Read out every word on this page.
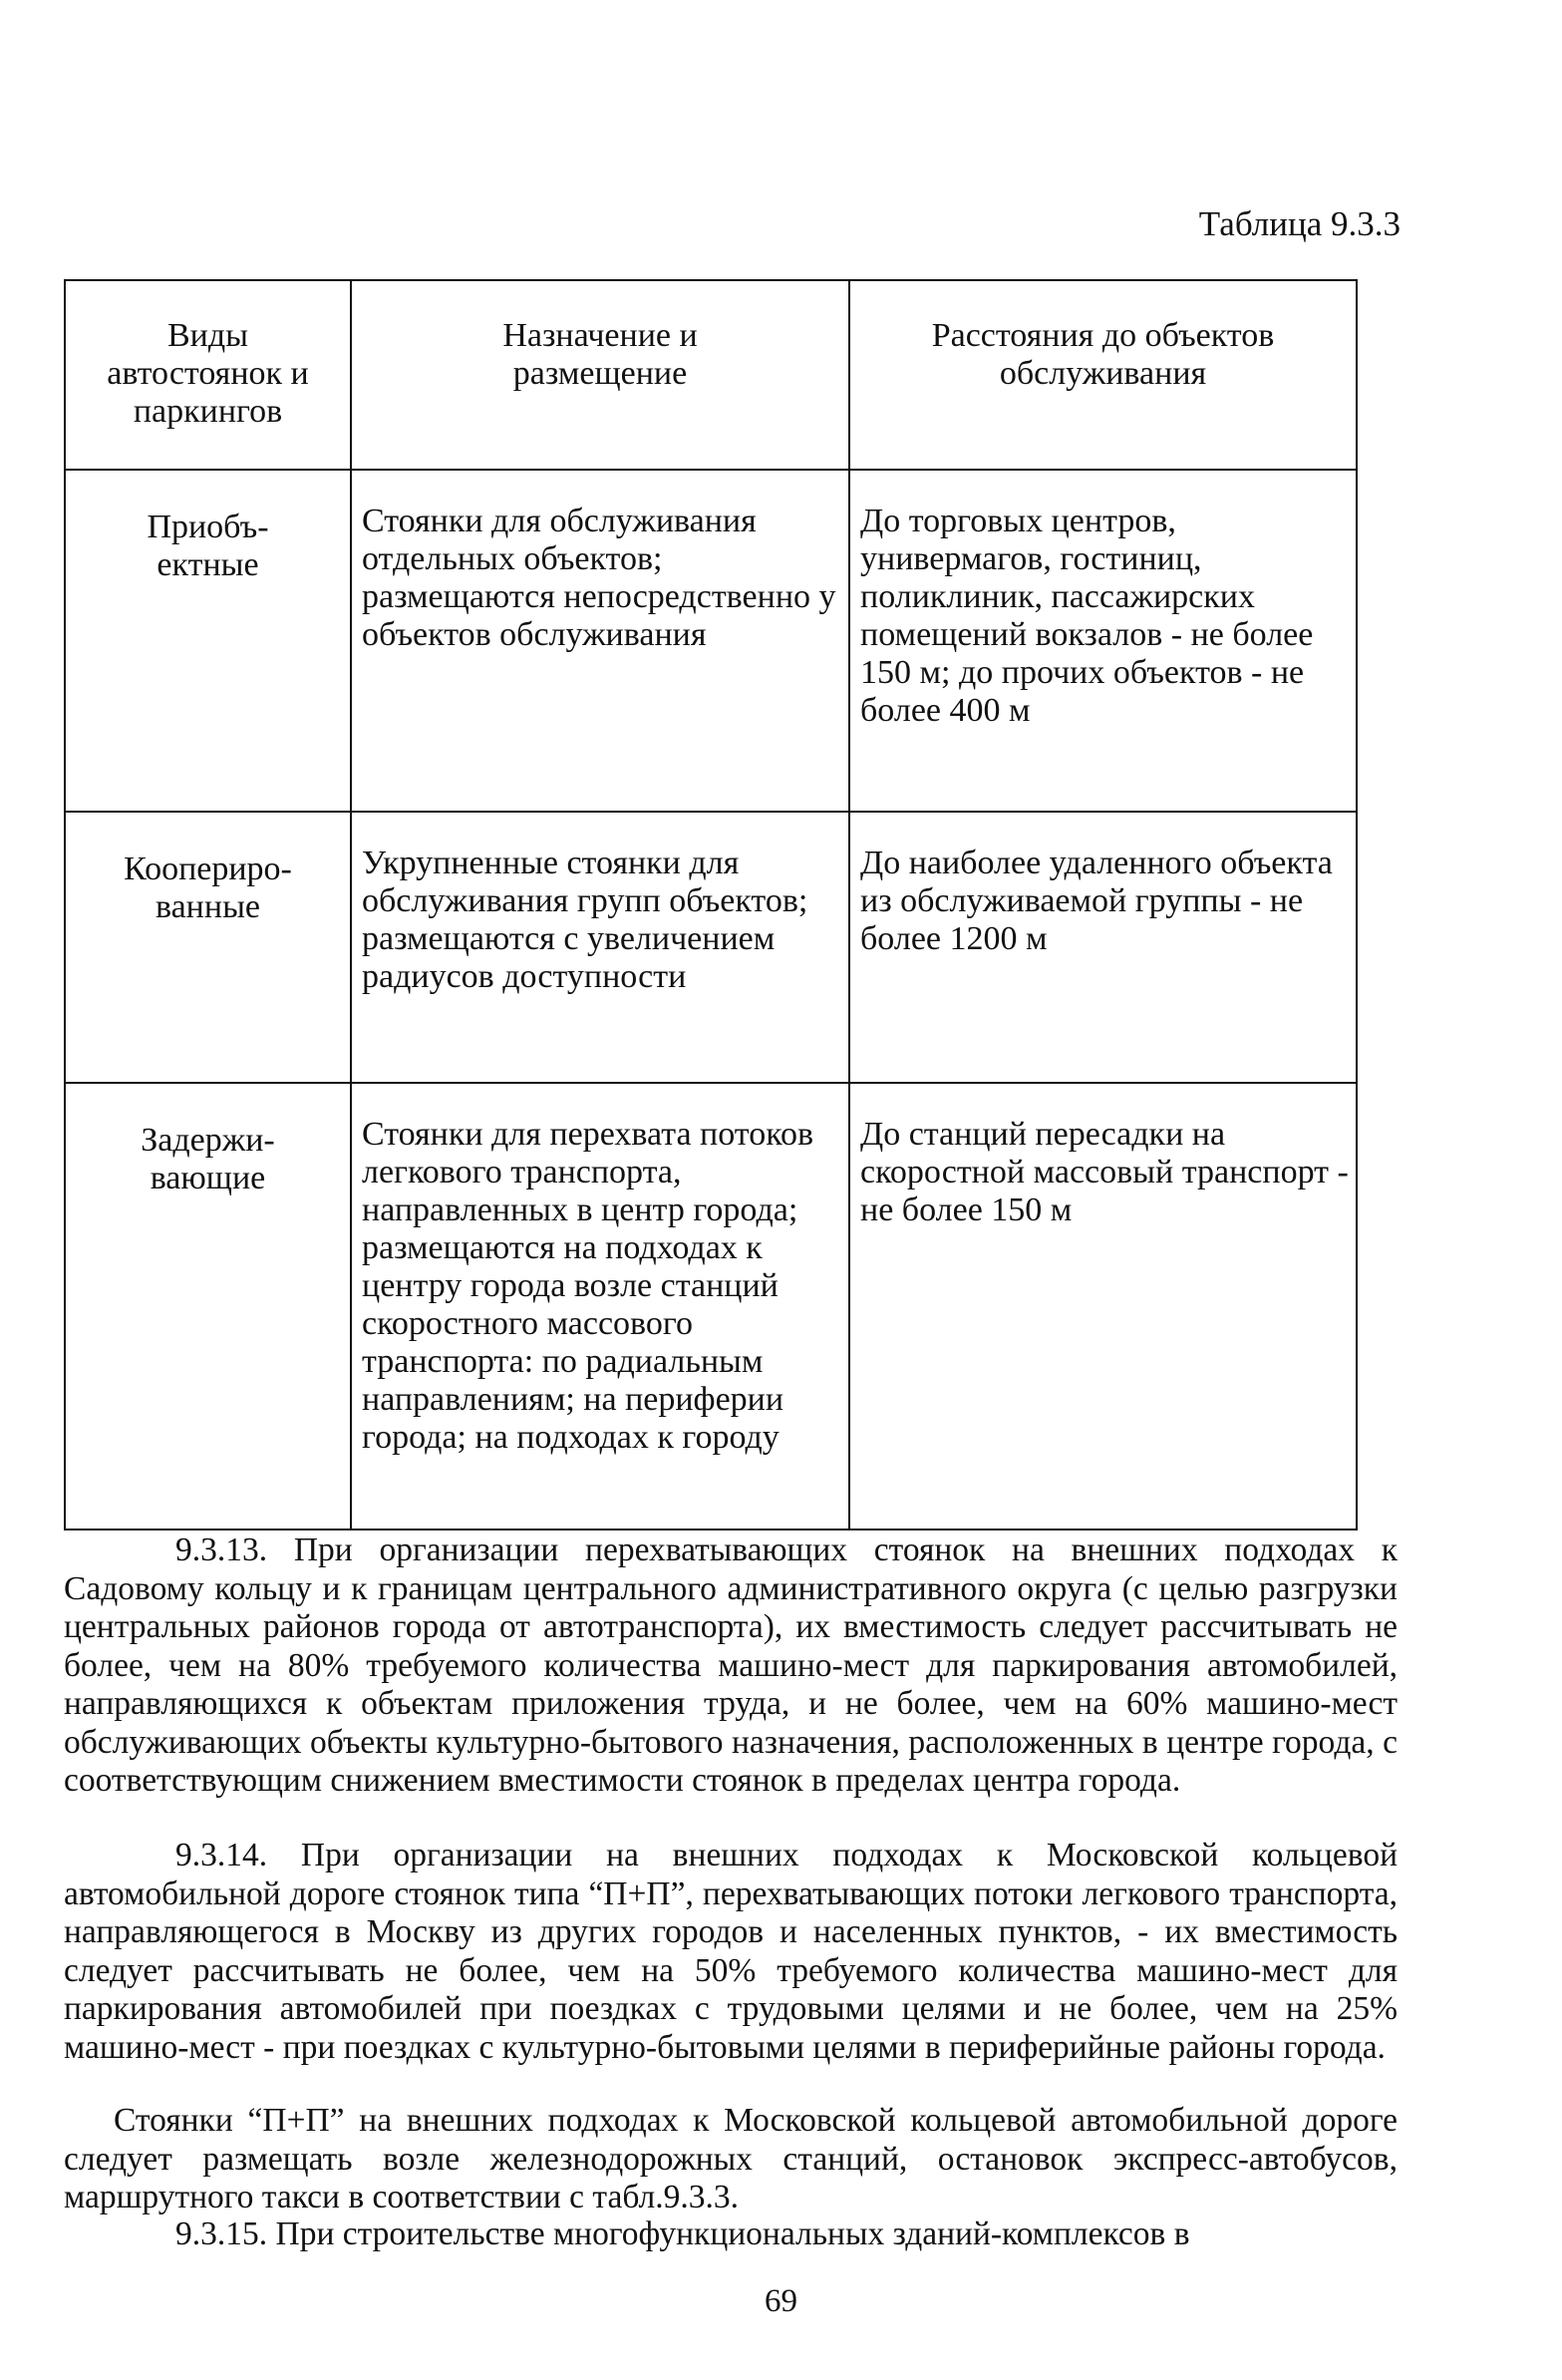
Таблица 9.3.3
Виды автостоянок и паркингов	Назначение и размещение	Расстояния до объектов обслуживания

Приобъ-ектные	Стоянки для обслуживания отдельных объектов; размещаются непосредственно у объектов обслуживания	До торговых центров, универмагов, гостиниц, поликлиник, пассажирских помещений вокзалов - не более 150 м; до прочих объектов - не более 400 м

Коопериро-ванные	Укрупненные стоянки для обслуживания групп объектов; размещаются с увеличением радиусов доступности	До наиболее удаленного объекта из обслуживаемой группы - не более 1200 м

Задержи-вающие	Стоянки для перехвата потоков легкового транспорта, направленных в центр города; размещаются на подходах к центру города возле станций скоростного массового транспорта: по радиальным направлениям; на периферии города; на подходах к городу	До станций пересадки на скоростной массовый транспорт - не более 150 м

9.3.13. При организации перехватывающих стоянок на внешних подходах к Садовому кольцу и к границам центрального административного округа (с целью разгрузки центральных районов города от автотранспорта), их вместимость следует рассчитывать не более, чем на 80% требуемого количества машино-мест для паркирования автомобилей, направляющихся к объектам приложения труда, и не более, чем на 60% машино-мест обслуживающих объекты культурно-бытового назначения, расположенных в центре города, с соответствующим снижением вместимости стоянок в пределах центра города.

9.3.14. При организации на внешних подходах к Московской кольцевой автомобильной дороге стоянок типа “П+П”, перехватывающих потоки легкового транспорта, направляющегося в Москву из других городов и населенных пунктов, - их вместимость следует рассчитывать не более, чем на 50% требуемого количества машино-мест для паркирования автомобилей при поездках с трудовыми целями и не более, чем на 25% машино-мест - при поездках с культурно-бытовыми целями в периферийные районы города.

Стоянки “П+П” на внешних подходах к Московской кольцевой автомобильной дороге следует размещать возле железнодорожных станций, остановок экспресс-автобусов, маршрутного такси в соответствии с табл.9.3.3.

9.3.15. При строительстве многофункциональных зданий-комплексов в

69
